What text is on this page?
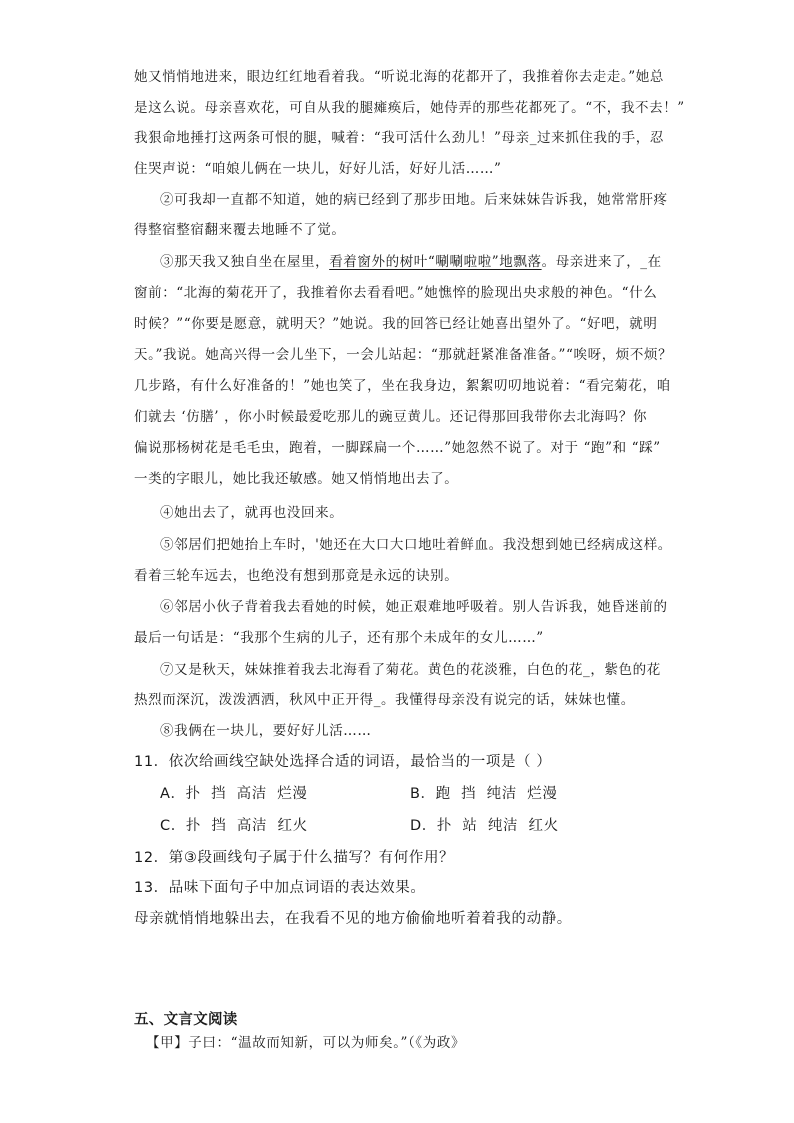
她又悄悄地进来，眼边红红地看着我。“听说北海的花都开了，我推着你去走走。”她总
是这么说。母亲喜欢花，可自从我的腿瘫痪后，她侍弄的那些花都死了。“不，我不去！”
我狠命地捶打这两条可恨的腿，喊着：“我可活什么劲儿！”母亲_过来抓住我的手，忍
住哭声说：“咱娘儿俩在一块儿，好好儿活，好好儿活……”
②可我却一直都不知道，她的病已经到了那步田地。后来妹妹告诉我，她常常肝疼
得整宿整宿翻来覆去地睡不了觉。
③那天我又独自坐在屋里，看着窗外的树叶“唰唰啦啦”地飘落。母亲进来了，_在
窗前：“北海的菊花开了，我推着你去看看吧。”她憔悴的脸现出央求般的神色。“什么
时候？”“你要是愿意，就明天？”她说。我的回答已经让她喜出望外了。“好吧，就明
天。”我说。她高兴得一会儿坐下，一会儿站起：“那就赶紧准备准备。”“唉呀，烦不烦？
几步路，有什么好准备的！”她也笑了，坐在我身边，絮絮叨叨地说着：“看完菊花，咱
们就去 ‘仿膳’ ，你小时候最爱吃那儿的豌豆黄儿。还记得那回我带你去北海吗？你
偏说那杨树花是毛毛虫，跑着，一脚踩扁一个……”她忽然不说了。对于 “跑”和 “踩”
一类的字眼儿，她比我还敏感。她又悄悄地出去了。
④她出去了，就再也没回来。
⑤邻居们把她抬上车时，'她还在大口大口地吐着鲜血。我没想到她已经病成这样。
看着三轮车远去，也绝没有想到那竟是永远的诀别。
⑥邻居小伙子背着我去看她的时候，她正艰难地呼吸着。别人告诉我，她昏迷前的
最后一句话是：“我那个生病的儿子，还有那个未成年的女儿……”
⑦又是秋天，妹妹推着我去北海看了菊花。黄色的花淡雅，白色的花_，紫色的花
热烈而深沉，泼泼洒洒，秋风中正开得_。我懂得母亲没有说完的话，妹妹也懂。
⑧我俩在一块儿，要好好儿活……
11．依次给画线空缺处选择合适的词语，最恰当的一项是（ ）
A．扑  挡  高洁  烂漫	B．跑  挡  纯洁  烂漫
C．扑  挡  高洁  红火	D．扑  站  纯洁  红火
12．第③段画线句子属于什么描写？有何作用？
13．品味下面句子中加点词语的表达效果。
母亲就悄悄地躲出去，在我看不见的地方偷偷地听着着我的动静。
五、文言文阅读
【甲】子曰：“温故而知新，可以为师矣。”（《为政》
